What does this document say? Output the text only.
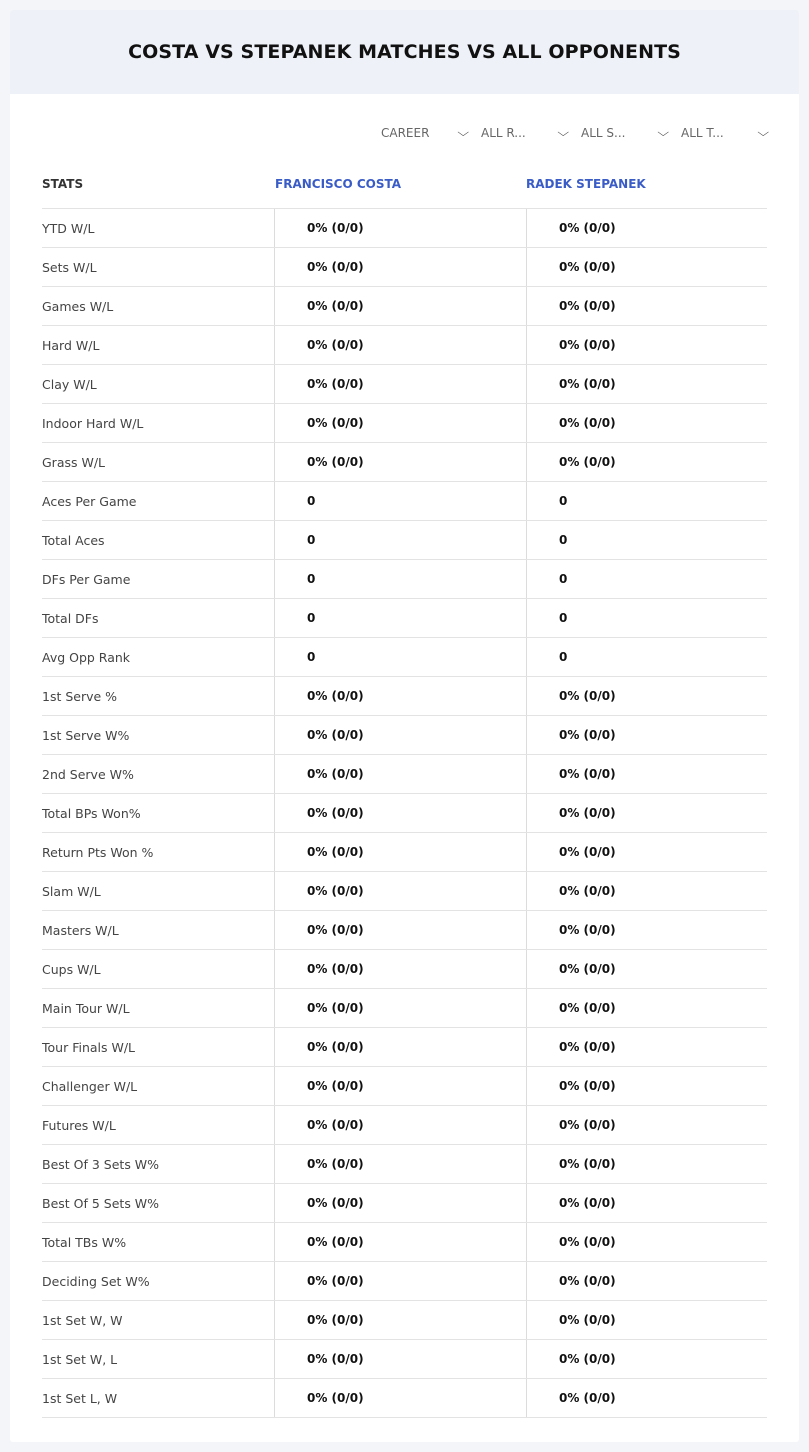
COSTA VS STEPANEK MATCHES VS ALL OPPONENTS
CAREER	⌵ ALL R...	⌵ ALL S...	⌵ ALL T...	⌵
STATS	FRANCISCO COSTA	RADEK STEPANEK
YTD W/L	0% (0/0)	0% (0/0)
Sets W/L	0% (0/0)	0% (0/0)
Games W/L	0% (0/0)	0% (0/0)
Hard W/L	0% (0/0)	0% (0/0)
Clay W/L	0% (0/0)	0% (0/0)
Indoor Hard W/L	0% (0/0)	0% (0/0)
Grass W/L	0% (0/0)	0% (0/0)
Aces Per Game	0	0
Total Aces	0	0
DFs Per Game	0	0
Total DFs	0	0
Avg Opp Rank	0	0
1st Serve %	0% (0/0)	0% (0/0)
1st Serve W%	0% (0/0)	0% (0/0)
2nd Serve W%	0% (0/0)	0% (0/0)
Total BPs Won%	0% (0/0)	0% (0/0)
Return Pts Won %	0% (0/0)	0% (0/0)
Slam W/L	0% (0/0)	0% (0/0)
Masters W/L	0% (0/0)	0% (0/0)
Cups W/L	0% (0/0)	0% (0/0)
Main Tour W/L	0% (0/0)	0% (0/0)
Tour Finals W/L	0% (0/0)	0% (0/0)
Challenger W/L	0% (0/0)	0% (0/0)
Futures W/L	0% (0/0)	0% (0/0)
Best Of 3 Sets W%	0% (0/0)	0% (0/0)
Best Of 5 Sets W%	0% (0/0)	0% (0/0)
Total TBs W%	0% (0/0)	0% (0/0)
Deciding Set W%	0% (0/0)	0% (0/0)
1st Set W, W	0% (0/0)	0% (0/0)
1st Set W, L	0% (0/0)	0% (0/0)
1st Set L, W	0% (0/0)	0% (0/0)
